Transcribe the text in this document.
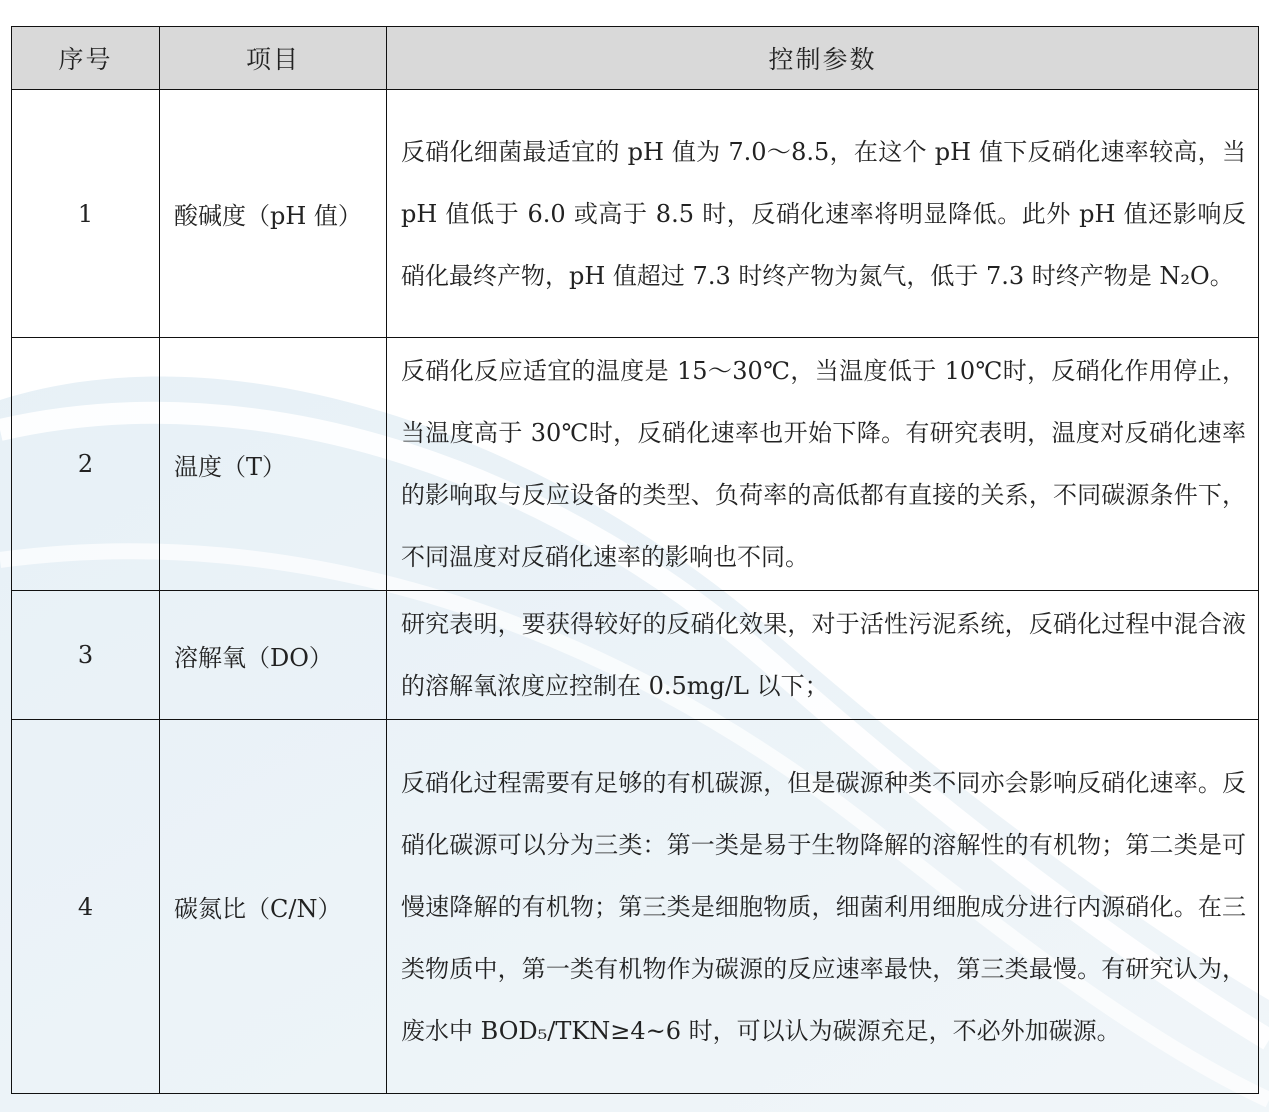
序号	项目	控制参数
1	酸碱度（pH 值）	反硝化细菌最适宜的 pH 值为 7.0～8.5，在这个 pH 值下反硝化速率较高，当 pH 值低于 6.0 或高于 8.5 时，反硝化速率将明显降低。此外 pH 值还影响反硝化最终产物，pH 值超过 7.3 时终产物为氮气，低于 7.3 时终产物是 N₂O。
2	温度（T）	反硝化反应适宜的温度是 15～30℃，当温度低于 10℃时，反硝化作用停止，当温度高于 30℃时，反硝化速率也开始下降。有研究表明，温度对反硝化速率的影响取与反应设备的类型、负荷率的高低都有直接的关系，不同碳源条件下，不同温度对反硝化速率的影响也不同。
3	溶解氧（DO）	研究表明，要获得较好的反硝化效果，对于活性污泥系统，反硝化过程中混合液的溶解氧浓度应控制在 0.5mg/L 以下；
4	碳氮比（C/N）	反硝化过程需要有足够的有机碳源，但是碳源种类不同亦会影响反硝化速率。反硝化碳源可以分为三类：第一类是易于生物降解的溶解性的有机物；第二类是可慢速降解的有机物；第三类是细胞物质，细菌利用细胞成分进行内源硝化。在三类物质中，第一类有机物作为碳源的反应速率最快，第三类最慢。有研究认为，废水中 BOD₅/TKN≥4~6 时，可以认为碳源充足，不必外加碳源。
